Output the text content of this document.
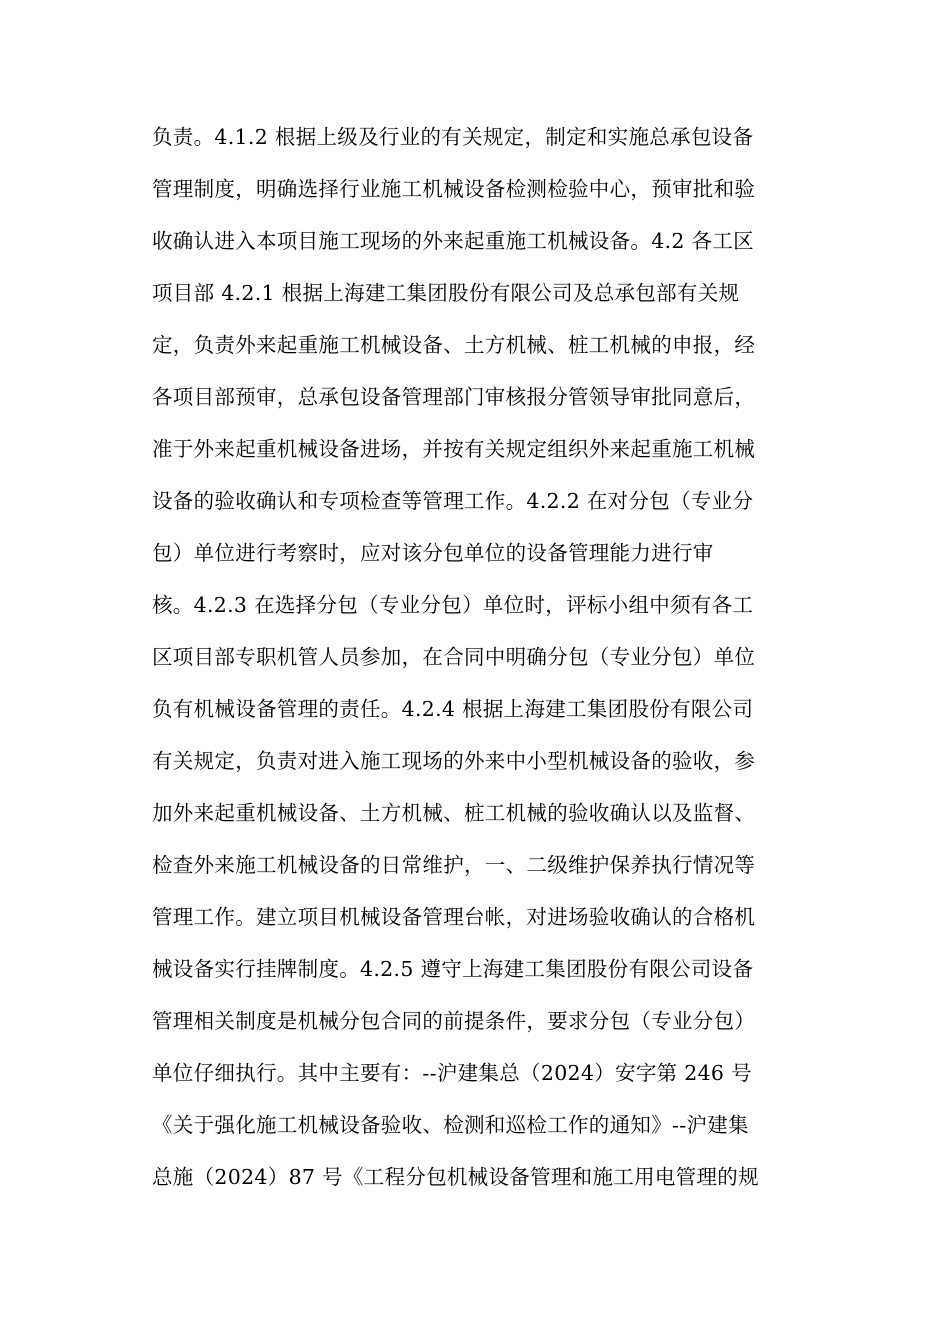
负责。4.1.2 根据上级及行业的有关规定，制定和实施总承包设备
管理制度，明确选择行业施工机械设备检测检验中心，预审批和验
收确认进入本项目施工现场的外来起重施工机械设备。4.2 各工区
项目部 4.2.1 根据上海建工集团股份有限公司及总承包部有关规
定，负责外来起重施工机械设备、土方机械、桩工机械的申报，经
各项目部预审，总承包设备管理部门审核报分管领导审批同意后，
准于外来起重机械设备进场，并按有关规定组织外来起重施工机械
设备的验收确认和专项检查等管理工作。4.2.2 在对分包（专业分
包）单位进行考察时，应对该分包单位的设备管理能力进行审
核。4.2.3 在选择分包（专业分包）单位时，评标小组中须有各工
区项目部专职机管人员参加，在合同中明确分包（专业分包）单位
负有机械设备管理的责任。4.2.4 根据上海建工集团股份有限公司
有关规定，负责对进入施工现场的外来中小型机械设备的验收，参
加外来起重机械设备、土方机械、桩工机械的验收确认以及监督、
检查外来施工机械设备的日常维护，一、二级维护保养执行情况等
管理工作。建立项目机械设备管理台帐，对进场验收确认的合格机
械设备实行挂牌制度。4.2.5 遵守上海建工集团股份有限公司设备
管理相关制度是机械分包合同的前提条件，要求分包（专业分包）
单位仔细执行。其中主要有：--沪建集总（2024）安字第 246 号
《关于强化施工机械设备验收、检测和巡检工作的通知》--沪建集
总施（2024）87 号《工程分包机械设备管理和施工用电管理的规
